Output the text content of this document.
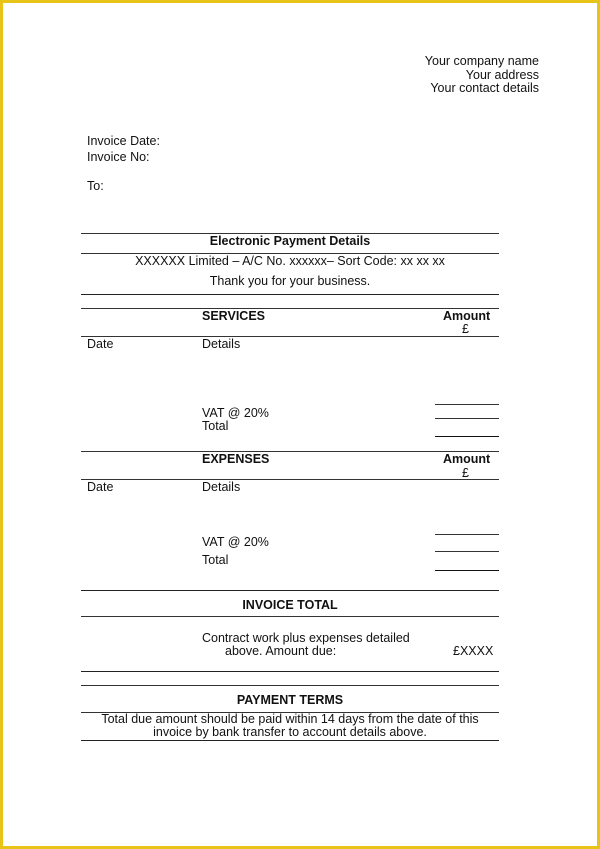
Your company name
Your address
Your contact details
Invoice Date:
Invoice No:
To:
Electronic Payment Details
XXXXXX Limited – A/C No. xxxxxx– Sort Code: xx xx xx
Thank you for your business.
SERVICES	Amount
£
Date	Details
VAT @ 20%
Total
EXPENSES	Amount
£
Date	Details
VAT @ 20%
Total
INVOICE TOTAL
Contract work plus expenses detailed
above. Amount due:	£XXXX
PAYMENT TERMS
Total due amount should be paid within 14 days from the date of this
invoice by bank transfer to account details above.
